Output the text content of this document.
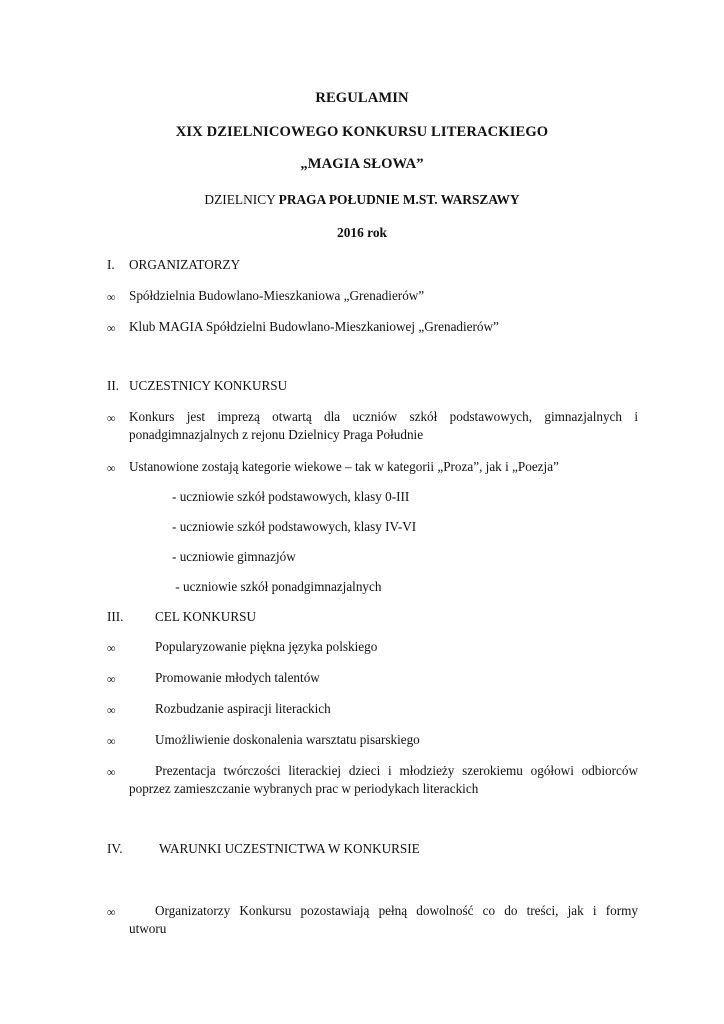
REGULAMIN
XIX DZIELNICOWEGO KONKURSU LITERACKIEGO
„MAGIA SŁOWA”
DZIELNICY PRAGA POŁUDNIE M.ST. WARSZAWY
2016 rok
I. ORGANIZATORZY
∞ Spółdzielnia Budowlano-Mieszkaniowa „Grenadierów”
∞ Klub MAGIA Spółdzielni Budowlano-Mieszkaniowej „Grenadierów”
II. UCZESTNICY KONKURSU
∞ Konkurs jest imprezą otwartą dla uczniów szkół podstawowych, gimnazjalnych i
ponadgimnazjalnych z rejonu Dzielnicy Praga Południe
∞ Ustanowione zostają kategorie wiekowe – tak w kategorii „Proza”, jak i „Poezja”
- uczniowie szkół podstawowych, klasy 0-III
- uczniowie szkół podstawowych, klasy IV-VI
- uczniowie gimnazjów
- uczniowie szkół ponadgimnazjalnych
III. CEL KONKURSU
∞	Popularyzowanie piękna języka polskiego
∞	Promowanie młodych talentów
∞	Rozbudzanie aspiracji literackich
∞	Umożliwienie doskonalenia warsztatu pisarskiego
∞	Prezentacja twórczości literackiej dzieci i młodzieży szerokiemu ogółowi odbiorców
poprzez zamieszczanie wybranych prac w periodykach literackich
IV.	WARUNKI UCZESTNICTWA W KONKURSIE
∞	Organizatorzy Konkursu pozostawiają pełną dowolność co do treści, jak i formy
utworu
